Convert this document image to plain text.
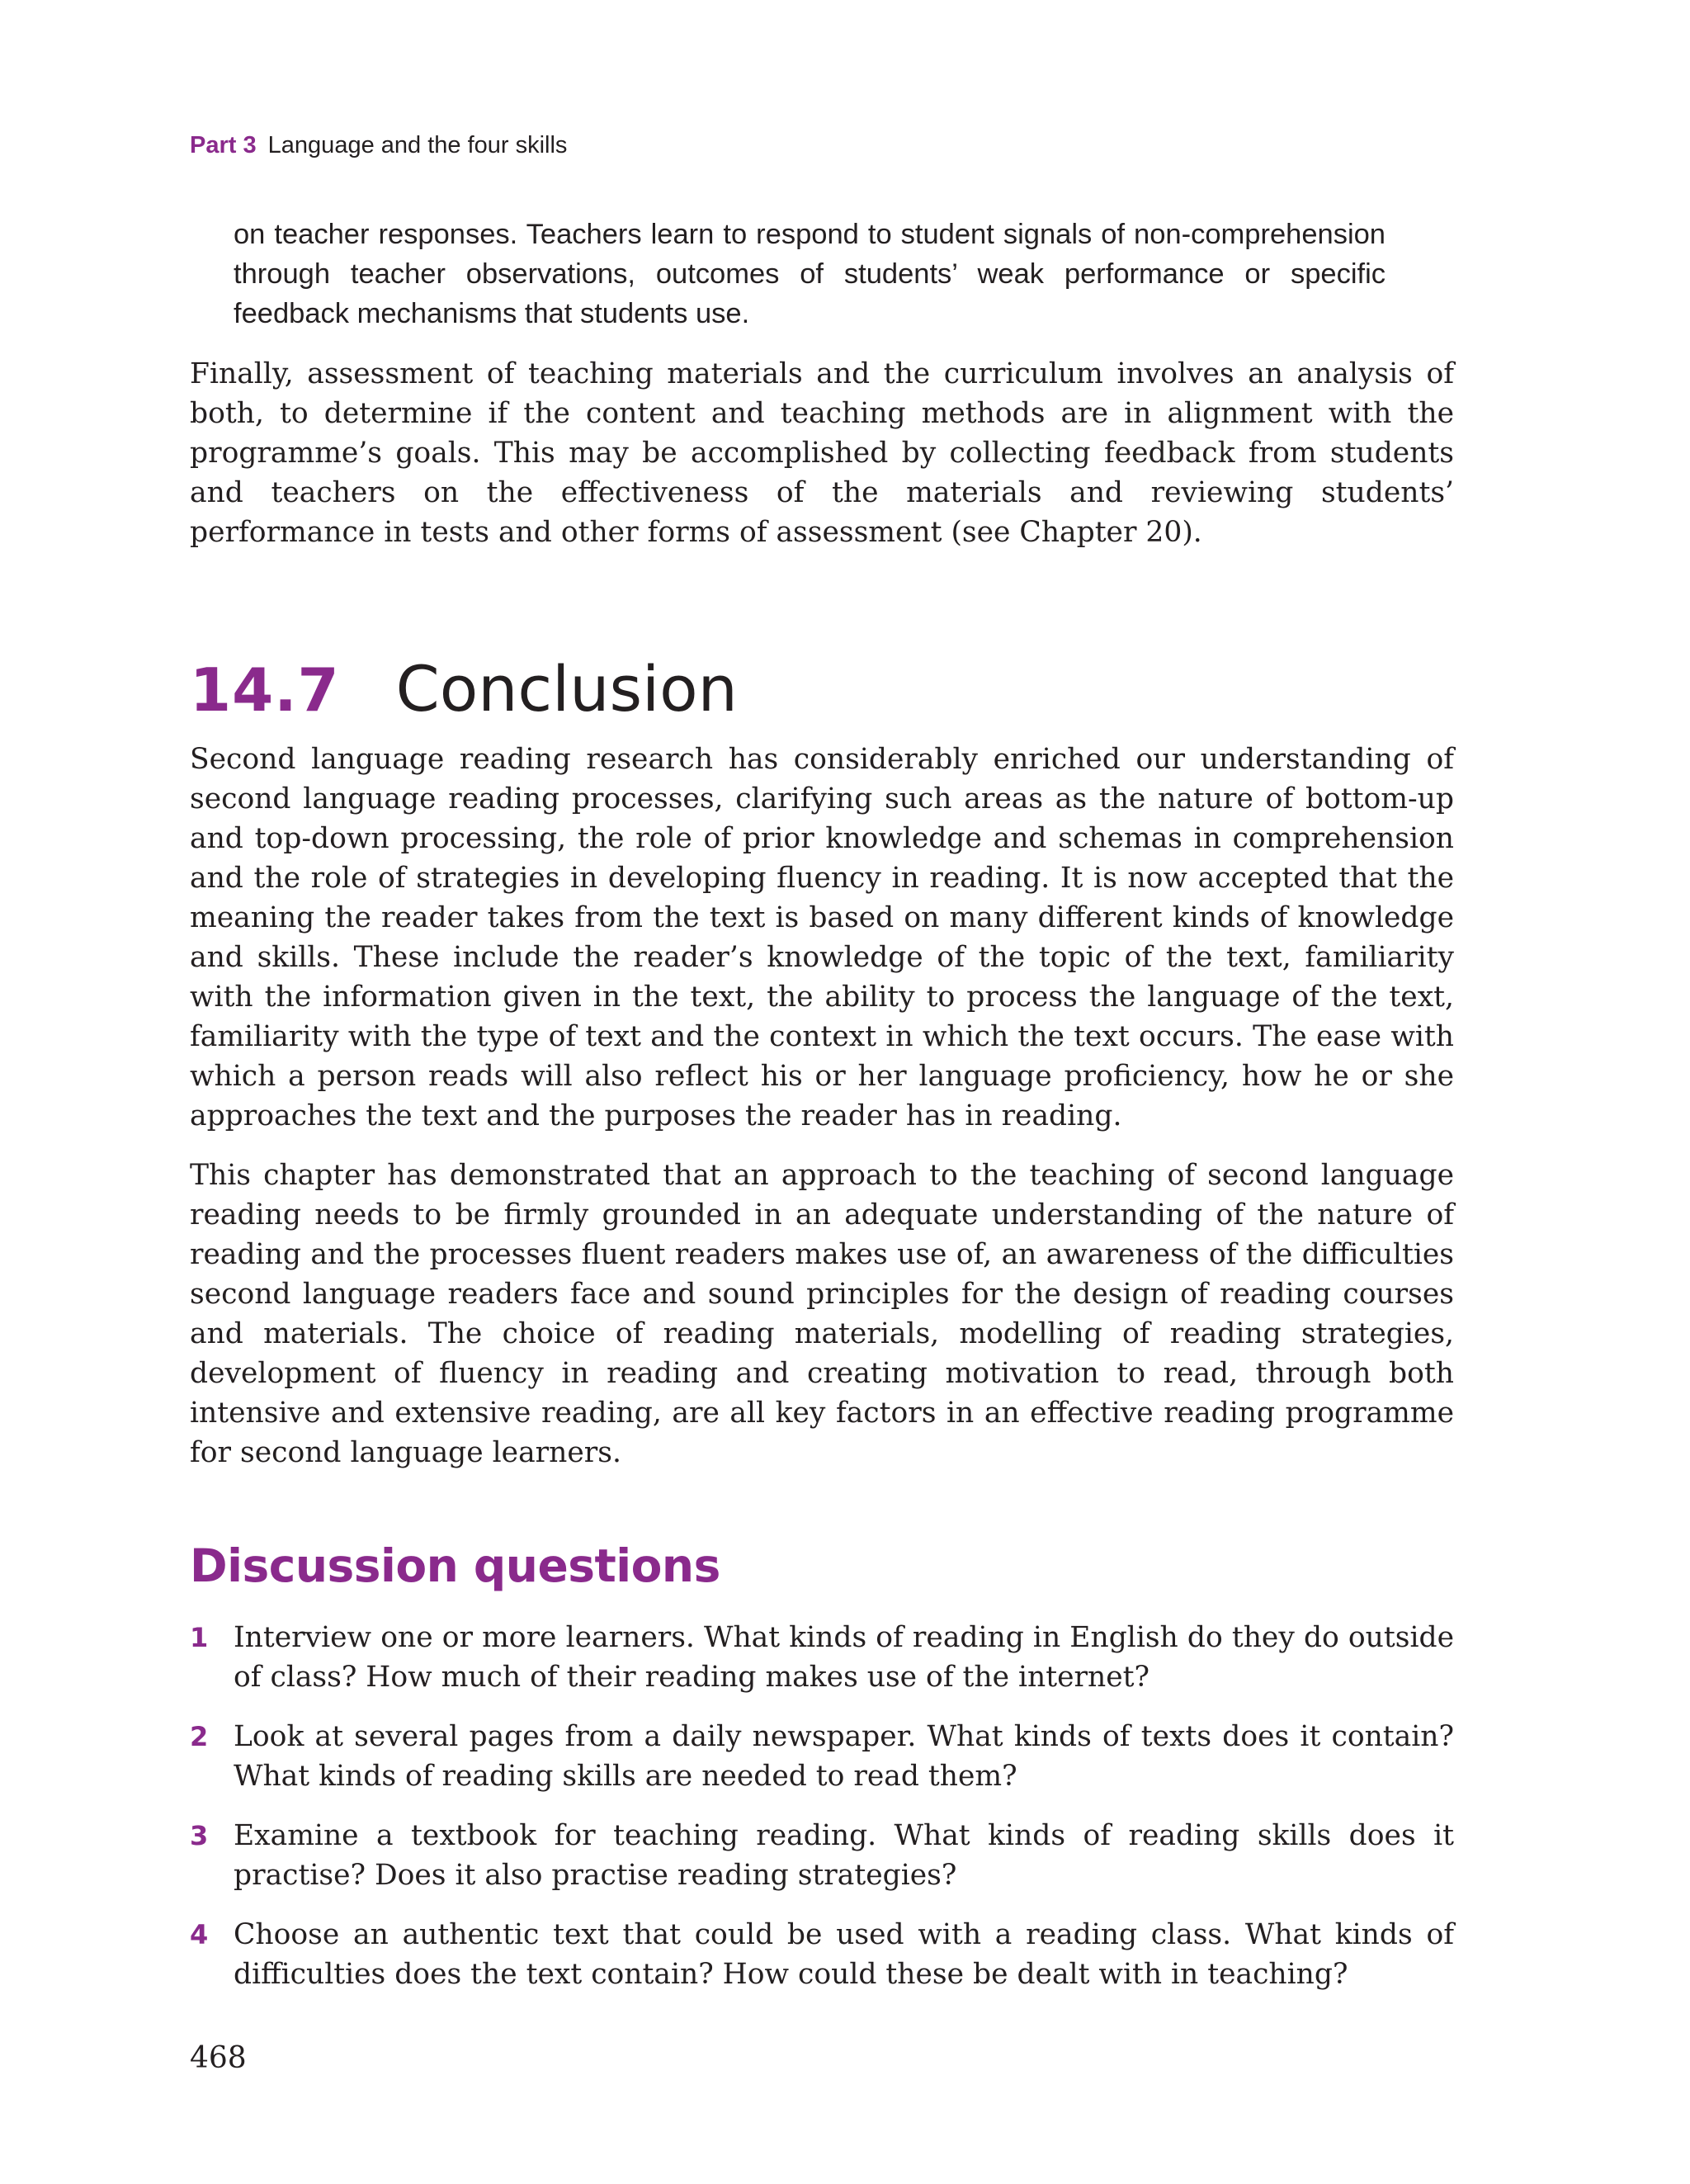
Part 3 Language and the four skills
on teacher responses. Teachers learn to respond to student signals of non-comprehension through teacher observations, outcomes of students’ weak performance or specific feedback mechanisms that students use.

Finally, assessment of teaching materials and the curriculum involves an analysis of both, to determine if the content and teaching methods are in alignment with the programme’s goals. This may be accomplished by collecting feedback from students and teachers on the effectiveness of the materials and reviewing students’ performance in tests and other forms of assessment (see Chapter 20).

14.7 Conclusion

Second language reading research has considerably enriched our understanding of second language reading processes, clarifying such areas as the nature of bottom-up and top-down processing, the role of prior knowledge and schemas in comprehension and the role of strategies in developing fluency in reading. It is now accepted that the meaning the reader takes from the text is based on many different kinds of knowledge and skills. These include the reader’s knowledge of the topic of the text, familiarity with the information given in the text, the ability to process the language of the text, familiarity with the type of text and the context in which the text occurs. The ease with which a person reads will also reflect his or her language proficiency, how he or she approaches the text and the purposes the reader has in reading.

This chapter has demonstrated that an approach to the teaching of second language reading needs to be firmly grounded in an adequate understanding of the nature of reading and the processes fluent readers makes use of, an awareness of the difficulties second language readers face and sound principles for the design of reading courses and materials. The choice of reading materials, modelling of reading strategies, development of fluency in reading and creating motivation to read, through both intensive and extensive reading, are all key factors in an effective reading programme for second language learners.

Discussion questions
1 Interview one or more learners. What kinds of reading in English do they do outside of class? How much of their reading makes use of the internet?

2 Look at several pages from a daily newspaper. What kinds of texts does it contain? What kinds of reading skills are needed to read them?

3 Examine a textbook for teaching reading. What kinds of reading skills does it practise? Does it also practise reading strategies?

4 Choose an authentic text that could be used with a reading class. What kinds of difficulties does the text contain? How could these be dealt with in teaching?

468
